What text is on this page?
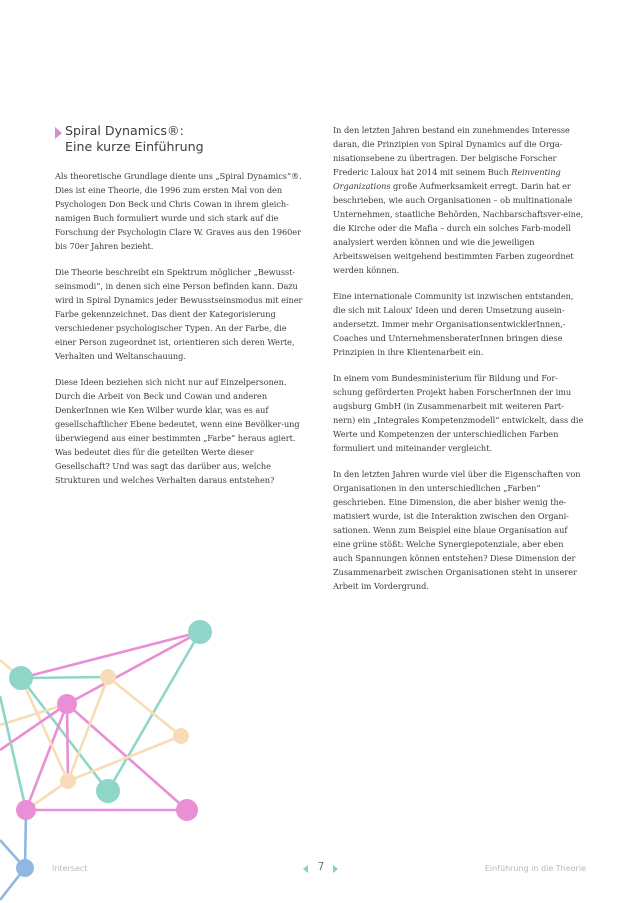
Spiral Dynamics®:
Eine kurze Einführung

Als theoretische Grundlage diente uns „Spiral Dynamics“®. Dies ist eine Theorie, die 1996 zum ersten Mal von den Psychologen Don Beck und Chris Cowan in ihrem gleich-namigen Buch formuliert wurde und sich stark auf die Forschung der Psychologin Clare W. Graves aus den 1960er bis 70er Jahren bezieht.

Die Theorie beschreibt ein Spektrum möglicher „Bewusst-seinsmodi“, in denen sich eine Person befinden kann. Dazu wird in Spiral Dynamics jeder Bewusstseinsmodus mit einer Farbe gekennzeichnet. Das dient der Kategorisierung verschiedener psychologischer Typen. An der Farbe, die einer Person zugeordnet ist, orientieren sich deren Werte, Verhalten und Weltanschauung.

Diese Ideen beziehen sich nicht nur auf Einzelpersonen. Durch die Arbeit von Beck und Cowan und anderen DenkerInnen wie Ken Wilber wurde klar, was es auf gesellschaftlicher Ebene bedeutet, wenn eine Bevölker-ung überwiegend aus einer bestimmten „Farbe“ heraus agiert. Was bedeutet dies für die geteilten Werte dieser Gesellschaft? Und was sagt das darüber aus, welche Strukturen und welches Verhalten daraus entstehen?

In den letzten Jahren bestand ein zunehmendes Interesse daran, die Prinzipien von Spiral Dynamics auf die Orga-nisationsebene zu übertragen. Der belgische Forscher Frederic Laloux hat 2014 mit seinem Buch Reinventing Organizations große Aufmerksamkeit erregt. Darin hat er beschrieben, wie auch Organisationen – ob multinationale Unternehmen, staatliche Behörden, Nachbarschaftsver-eine, die Kirche oder die Mafia – durch ein solches Farb-modell analysiert werden können und wie die jeweiligen Arbeitsweisen weitgehend bestimmten Farben zugeordnet werden können.

Eine internationale Community ist inzwischen entstanden, die sich mit Laloux' Ideen und deren Umsetzung ausein-andersetzt. Immer mehr OrganisationsentwicklerInnen,- Coaches und UnternehmensberaterInnen bringen diese Prinzipien in ihre Klientenarbeit ein.

In einem vom Bundesministerium für Bildung und For-schung geförderten Projekt haben ForscherInnen der imu augsburg GmbH (in Zusammenarbeit mit weiteren Part-nern) ein „Integrales Kompetenzmodell“ entwickelt, dass die Werte und Kompetenzen der unterschiedlichen Farben formuliert und miteinander vergleicht.

In den letzten Jahren wurde viel über die Eigenschaften von Organisationen in den unterschiedlichen „Farben“ geschrieben. Eine Dimension, die aber bisher wenig the-matisiert wurde, ist die Interaktion zwischen den Organi-sationen. Wenn zum Beispiel eine blaue Organisation auf eine grüne stößt: Welche Synergiepotenziale, aber eben auch Spannungen können entstehen? Diese Dimension der Zusammenarbeit zwischen Organisationen steht in unserer Arbeit im Vordergrund.

Intersect	7	Einführung in die Theorie
